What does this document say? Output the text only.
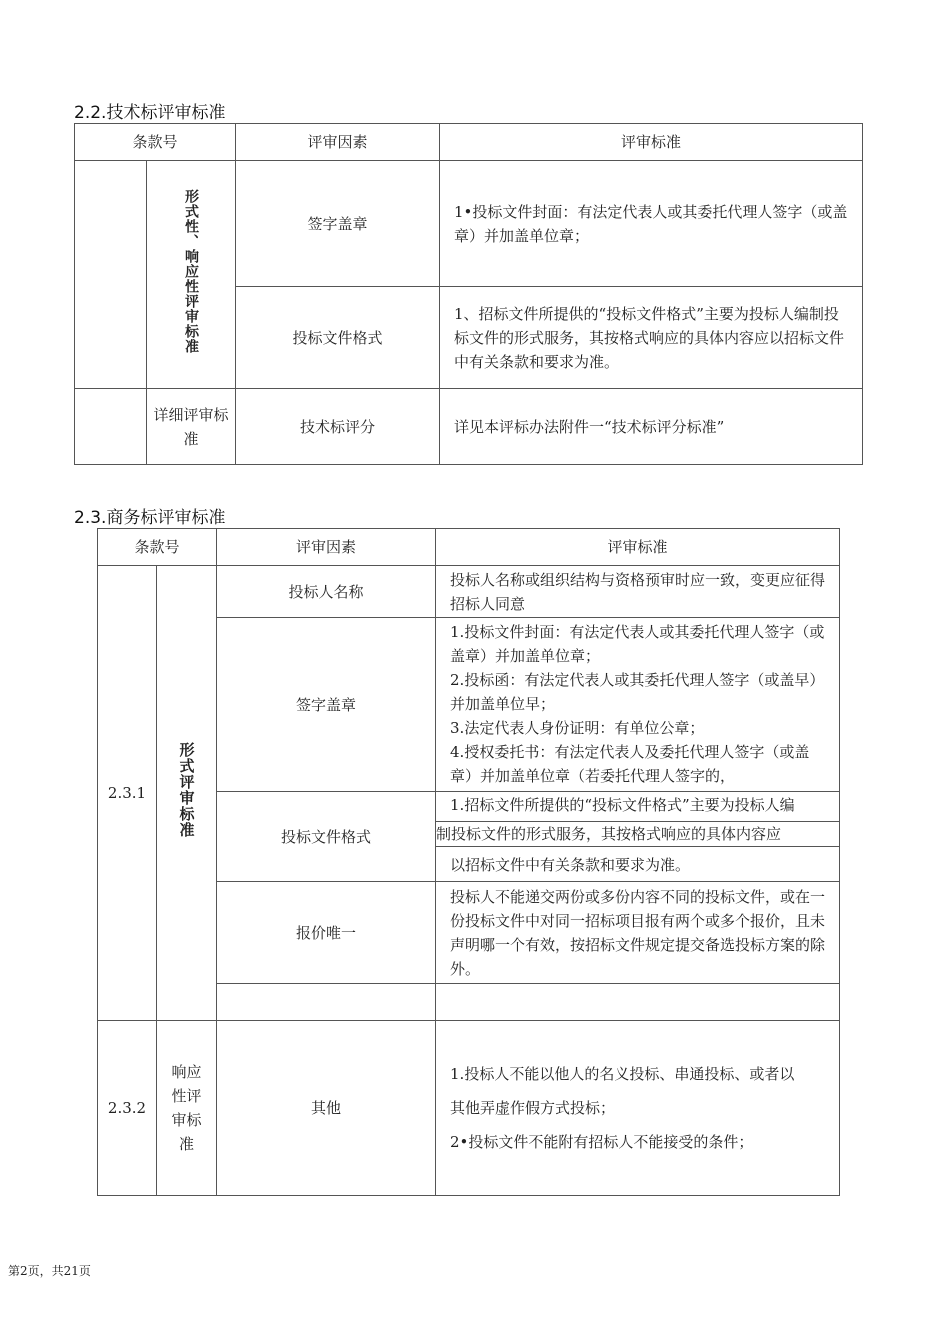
2.2.技术标评审标准
条款号		评审因素	评审标准
	形式性、响应性评审标准	签字盖章	1•投标文件封面：有法定代表人或其委托代理人签字（或盖章）并加盖单位章；
		投标文件格式	1、招标文件所提供的“投标文件格式”主要为投标人编制投标文件的形式服务，其按格式响应的具体内容应以招标文件中有关条款和要求为准。
	详细评审标准	技术标评分	详见本评标办法附件一“技术标评分标准”
2.3.商务标评审标准
条款号		评审因素	评审标准
2.3.1	形式评审标准	投标人名称	投标人名称或组织结构与资格预审时应一致，变更应征得招标人同意
		签字盖章	1.投标文件封面：有法定代表人或其委托代理人签字（或盖章）并加盖单位章；

2.投标函：有法定代表人或其委托代理人签字（或盖早）并加盖单位早；

3.法定代表人身份证明：有单位公章；

4.授权委托书：有法定代表人及委托代理人签字（或盖章）并加盖单位章（若委托代理人签字的，

		投标文件格式	1.招标文件所提供的“投标文件格式”主要为投标人编
制投标文件的形式服务，其按格式响应的具体内容应
以招标文件中有关条款和要求为准。

		报价唯一	投标人不能递交两份或多份内容不同的投标文件，或在一份投标文件中对同一招标项目报有两个或多个报价，且未声明哪一个有效，按招标文件规定提交备选投标方案的除外。

2.3.2	响应性评审标准	其他	1.投标人不能以他人的名义投标、串通投标、或者以

其他弄虚作假方式投标；

2•投标文件不能附有招标人不能接受的条件；

第2页，共21页
